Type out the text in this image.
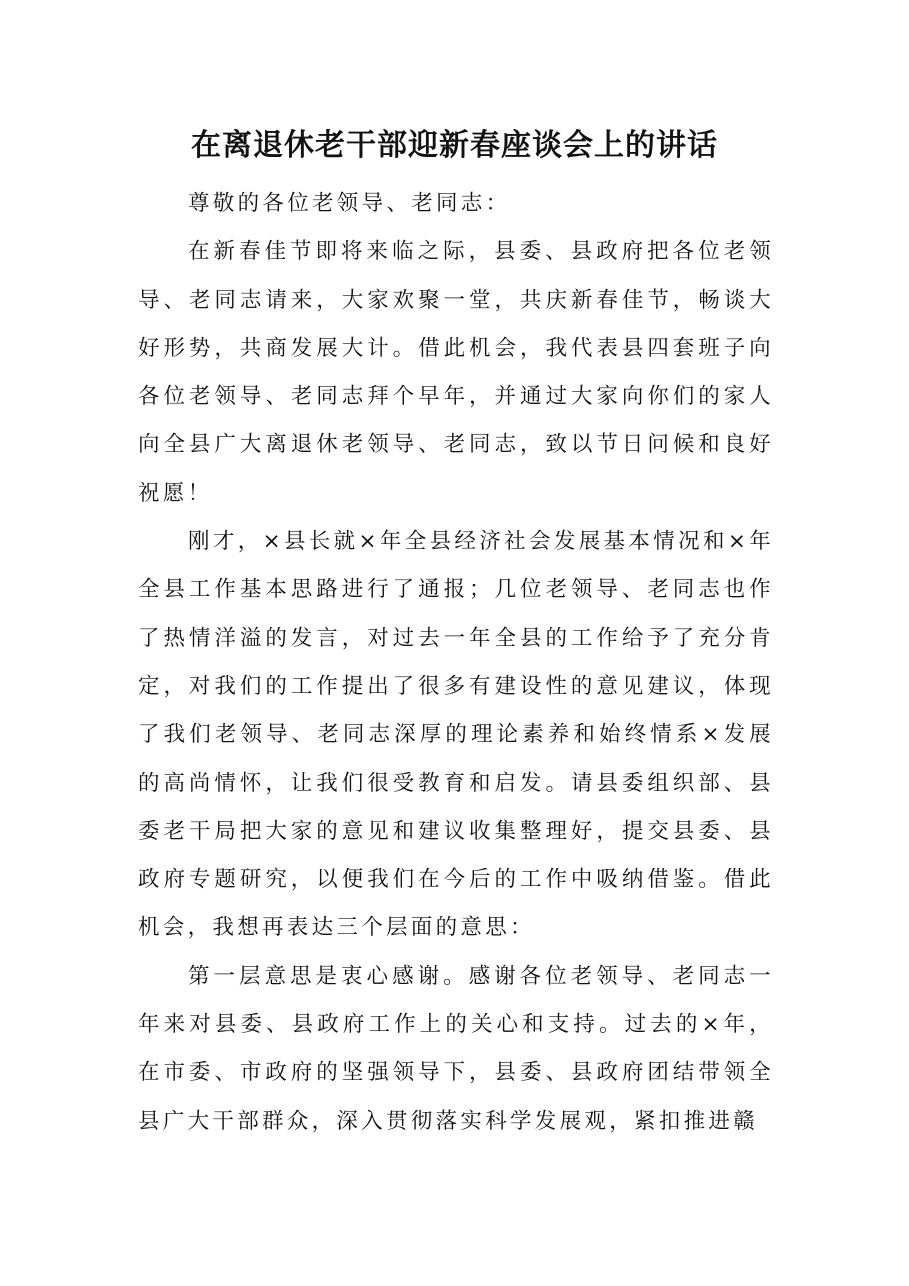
在离退休老干部迎新春座谈会上的讲话

尊敬的各位老领导、老同志：

在新春佳节即将来临之际，县委、县政府把各位老领导、老同志请来，大家欢聚一堂，共庆新春佳节，畅谈大好形势，共商发展大计。借此机会，我代表县四套班子向各位老领导、老同志拜个早年，并通过大家向你们的家人向全县广大离退休老领导、老同志，致以节日问候和良好祝愿！

刚才，×县长就×年全县经济社会发展基本情况和×年全县工作基本思路进行了通报；几位老领导、老同志也作了热情洋溢的发言，对过去一年全县的工作给予了充分肯定，对我们的工作提出了很多有建设性的意见建议，体现了我们老领导、老同志深厚的理论素养和始终情系×发展的高尚情怀，让我们很受教育和启发。请县委组织部、县委老干局把大家的意见和建议收集整理好，提交县委、县政府专题研究，以便我们在今后的工作中吸纳借鉴。借此机会，我想再表达三个层面的意思：

第一层意思是衷心感谢。感谢各位老领导、老同志一年来对县委、县政府工作上的关心和支持。过去的×年，在市委、市政府的坚强领导下，县委、县政府团结带领全县广大干部群众，深入贯彻落实科学发展观，紧扣推进赣
